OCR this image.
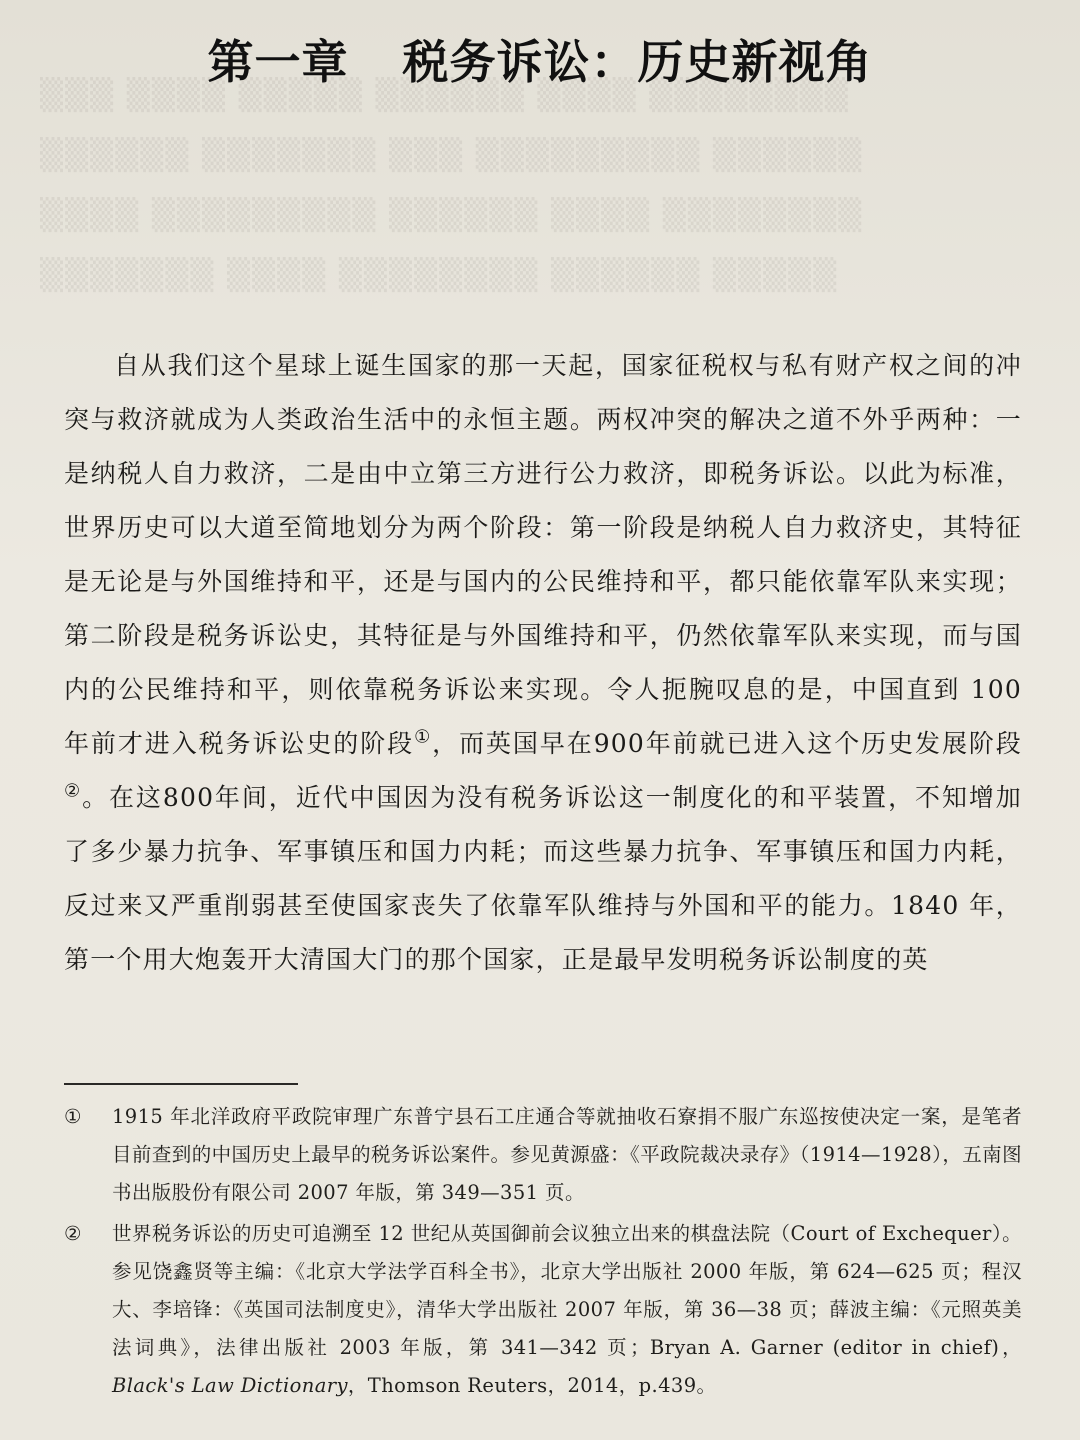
▒▒▒ ▒▒▒▒ ▒▒▒▒▒ ▒▒▒▒▒▒ ▒▒▒▒ ▒▒▒▒▒▒▒▒
▒▒▒▒▒▒ ▒▒▒▒▒▒▒ ▒▒▒ ▒▒▒▒▒▒▒▒▒ ▒▒▒▒▒▒
▒▒▒▒ ▒▒▒▒▒▒▒▒▒ ▒▒▒▒▒▒ ▒▒▒▒ ▒▒▒▒▒▒▒▒
▒▒▒▒▒▒▒ ▒▒▒▒ ▒▒▒▒▒▒▒▒ ▒▒▒▒▒▒ ▒▒▒▒▒
第一章 税务诉讼：历史新视角

自从我们这个星球上诞生国家的那一天起，国家征税权与私有财产权之间的冲突与救济就成为人类政治生活中的永恒主题。两权冲突的解决之道不外乎两种：一是纳税人自力救济，二是由中立第三方进行公力救济，即税务诉讼。以此为标准，世界历史可以大道至简地划分为两个阶段：第一阶段是纳税人自力救济史，其特征是无论是与外国维持和平，还是与国内的公民维持和平，都只能依靠军队来实现；第二阶段是税务诉讼史，其特征是与外国维持和平，仍然依靠军队来实现，而与国内的公民维持和平，则依靠税务诉讼来实现。令人扼腕叹息的是，中国直到 100 年前才进入税务诉讼史的阶段①，而英国早在900年前就已进入这个历史发展阶段②。在这800年间，近代中国因为没有税务诉讼这一制度化的和平装置，不知增加了多少暴力抗争、军事镇压和国力内耗；而这些暴力抗争、军事镇压和国力内耗，反过来又严重削弱甚至使国家丧失了依靠军队维持与外国和平的能力。1840 年，第一个用大炮轰开大清国大门的那个国家，正是最早发明税务诉讼制度的英

①	1915 年北洋政府平政院审理广东普宁县石工庄通合等就抽收石寮捐不服广东巡按使决定一案，是笔者目前查到的中国历史上最早的税务诉讼案件。参见黄源盛：《平政院裁决录存》（1914—1928），五南图书出版股份有限公司 2007 年版，第 349—351 页。
②	世界税务诉讼的历史可追溯至 12 世纪从英国御前会议独立出来的棋盘法院（Court of Exchequer）。参见饶鑫贤等主编：《北京大学法学百科全书》，北京大学出版社 2000 年版，第 624—625 页；程汉大、李培锋：《英国司法制度史》，清华大学出版社 2007 年版，第 36—38 页；薛波主编：《元照英美法词典》，法律出版社 2003 年版，第 341—342 页；Bryan A. Garner (editor in chief)，Black's Law Dictionary，Thomson Reuters，2014，p.439。
